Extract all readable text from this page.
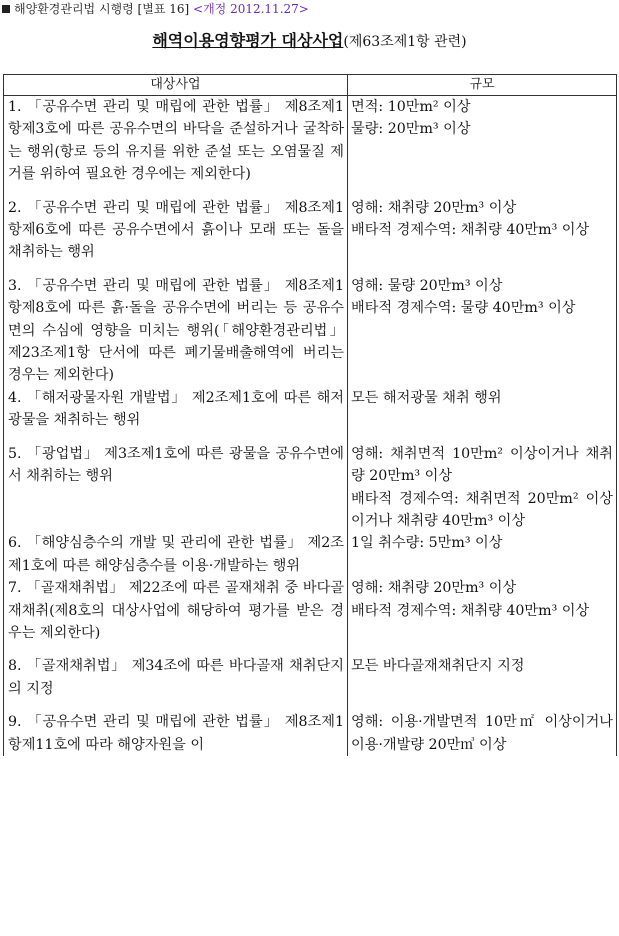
해양환경관리법 시행령 [별표 16] <개정 2012.11.27>
해역이용영향평가 대상사업(제63조제1항 관련)
대상사업	규모

1. 「공유수면 관리 및 매립에 관한 법률」 제8조제1항제3호에 따른 공유수면의 바닥을 준설하거나 굴착하는 행위(항로 등의 유지를 위한 준설 또는 오염물질 제거를 위하여 필요한 경우에는 제외한다)	면적: 10만m² 이상

물량: 20만m³ 이상

2. 「공유수면 관리 및 매립에 관한 법률」 제8조제1항제6호에 따른 공유수면에서 흙이나 모래 또는 돌을 채취하는 행위	영해: 채취량 20만m³ 이상

배타적 경제수역: 채취량 40만m³ 이상

3. 「공유수면 관리 및 매립에 관한 법률」 제8조제1항제8호에 따른 흙·돌을 공유수면에 버리는 등 공유수면의 수심에 영향을 미치는 행위(「해양환경관리법」 제23조제1항 단서에 따른 폐기물배출해역에 버리는 경우는 제외한다)	영해: 물량 20만m³ 이상

배타적 경제수역: 물량 40만m³ 이상

4. 「해저광물자원 개발법」 제2조제1호에 따른 해저광물을 채취하는 행위	모든 해저광물 채취 행위

5. 「광업법」 제3조제1호에 따른 광물을 공유수면에서 채취하는 행위	영해: 채취면적 10만m² 이상이거나 채취량 20만m³ 이상

배타적 경제수역: 채취면적 20만m² 이상이거나 채취량 40만m³ 이상

6. 「해양심층수의 개발 및 관리에 관한 법률」 제2조제1호에 따른 해양심층수를 이용·개발하는 행위	1일 취수량: 5만m³ 이상

7. 「골재채취법」 제22조에 따른 골재채취 중 바다골재채취(제8호의 대상사업에 해당하여 평가를 받은 경우는 제외한다)	영해: 채취량 20만m³ 이상

배타적 경제수역: 채취량 40만m³ 이상

8. 「골재채취법」 제34조에 따른 바다골재 채취단지의 지정	모든 바다골재채취단지 지정

9. 「공유수면 관리 및 매립에 관한 법률」 제8조제1항제11호에 따라 해양자원을 이	영해: 이용·개발면적 10만㎡ 이상이거나 이용·개발량 20만㎥ 이상
